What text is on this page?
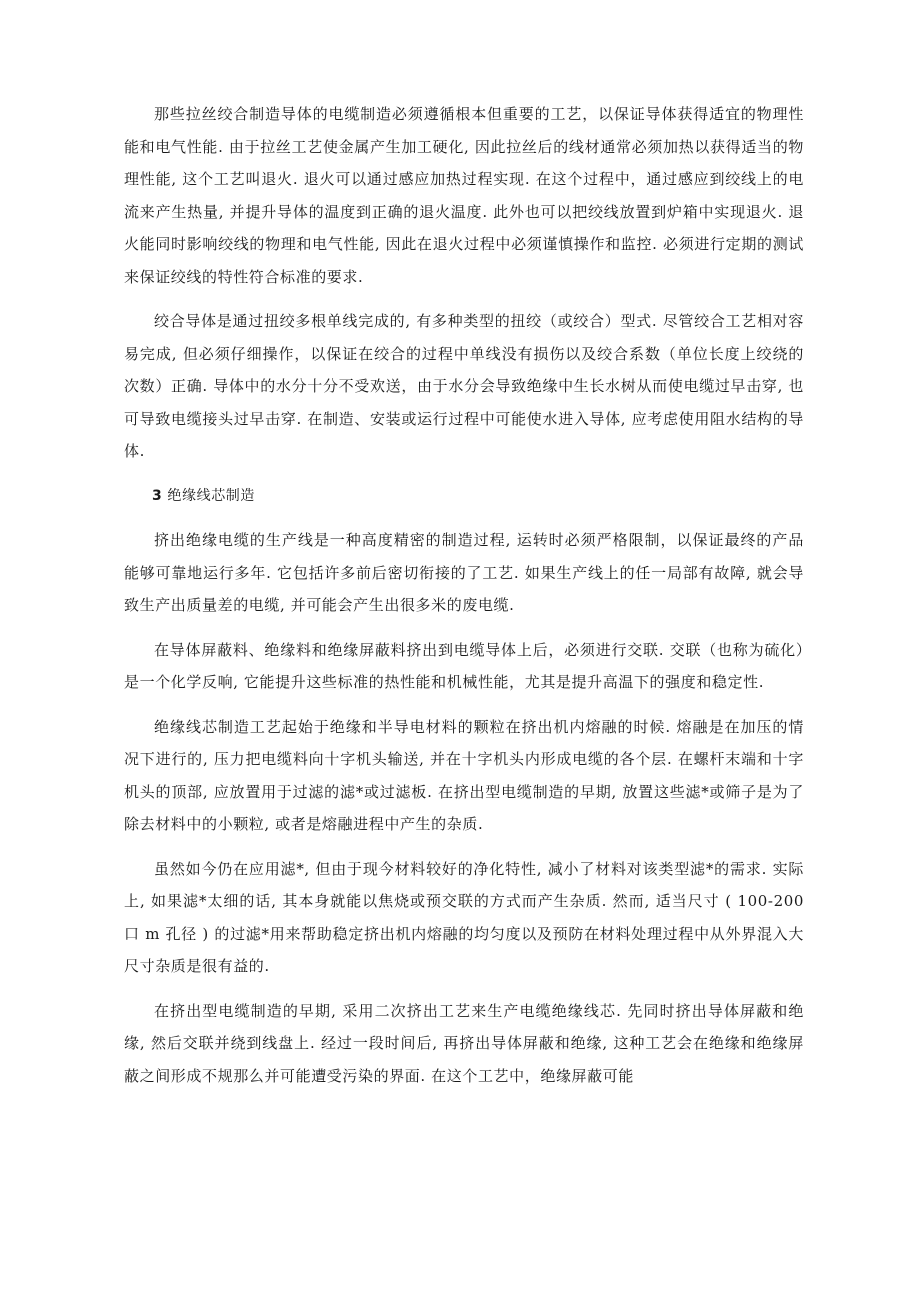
那些拉丝绞合制造导体的电缆制造必须遵循根本但重要的工艺，以保证导体获得适宜的物理性能和电气性能. 由于拉丝工艺使金属产生加工硬化, 因此拉丝后的线材通常必须加热以获得适当的物理性能, 这个工艺叫退火. 退火可以通过感应加热过程实现. 在这个过程中，通过感应到绞线上的电流来产生热量, 并提升导体的温度到正确的退火温度. 此外也可以把绞线放置到炉箱中实现退火. 退火能同时影响绞线的物理和电气性能, 因此在退火过程中必须谨慎操作和监控. 必须进行定期的测试来保证绞线的特性符合标准的要求.

绞合导体是通过扭绞多根单线完成的, 有多种类型的扭绞（或绞合）型式. 尽管绞合工艺相对容易完成, 但必须仔细操作，以保证在绞合的过程中单线没有损伤以及绞合系数（单位长度上绞绕的次数）正确. 导体中的水分十分不受欢送，由于水分会导致绝缘中生长水树从而使电缆过早击穿, 也可导致电缆接头过早击穿. 在制造、安装或运行过程中可能使水进入导体, 应考虑使用阻水结构的导体.

3 绝缘线芯制造

挤出绝缘电缆的生产线是一种高度精密的制造过程, 运转时必须严格限制，以保证最终的产品能够可靠地运行多年. 它包括许多前后密切衔接的了工艺. 如果生产线上的任一局部有故障, 就会导致生产出质量差的电缆, 并可能会产生出很多米的废电缆.

在导体屏蔽料、绝缘料和绝缘屏蔽料挤出到电缆导体上后，必须进行交联. 交联（也称为硫化）是一个化学反响, 它能提升这些标准的热性能和机械性能，尤其是提升高温下的强度和稳定性.

绝缘线芯制造工艺起始于绝缘和半导电材料的颗粒在挤出机内熔融的时候. 熔融是在加压的情况下进行的, 压力把电缆料向十字机头输送, 并在十字机头内形成电缆的各个层. 在螺杆末端和十字机头的顶部, 应放置用于过滤的滤*或过滤板. 在挤出型电缆制造的早期, 放置这些滤*或筛子是为了除去材料中的小颗粒, 或者是熔融进程中产生的杂质.

虽然如今仍在应用滤*, 但由于现今材料较好的净化特性, 减小了材料对该类型滤*的需求. 实际上, 如果滤*太细的话, 其本身就能以焦烧或预交联的方式而产生杂质. 然而, 适当尺寸 ( 100-200 口 m 孔径 ) 的过滤*用来帮助稳定挤出机内熔融的均匀度以及预防在材料处理过程中从外界混入大尺寸杂质是很有益的.

在挤出型电缆制造的早期, 采用二次挤出工艺来生产电缆绝缘线芯. 先同时挤出导体屏蔽和绝缘, 然后交联并绕到线盘上. 经过一段时间后, 再挤出导体屏蔽和绝缘, 这种工艺会在绝缘和绝缘屏蔽之间形成不规那么并可能遭受污染的界面. 在这个工艺中，绝缘屏蔽可能
